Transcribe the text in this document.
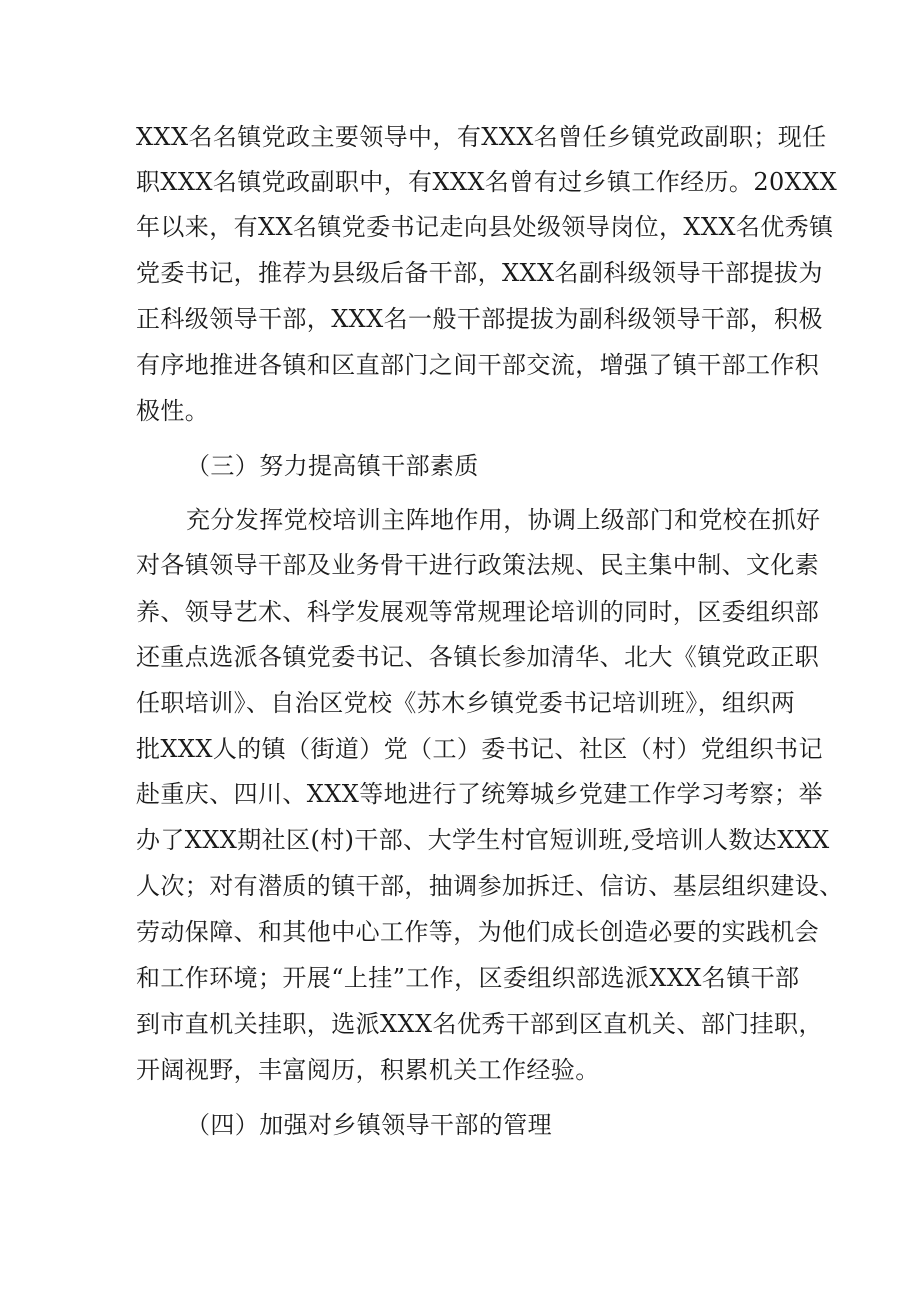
XXX名名镇党政主要领导中，有XXX名曾任乡镇党政副职；现任
职XXX名镇党政副职中，有XXX名曾有过乡镇工作经历。20XXX
年以来，有XX名镇党委书记走向县处级领导岗位，XXX名优秀镇
党委书记，推荐为县级后备干部，XXX名副科级领导干部提拔为
正科级领导干部，XXX名一般干部提拔为副科级领导干部，积极
有序地推进各镇和区直部门之间干部交流，增强了镇干部工作积
极性。
（三）努力提高镇干部素质
充分发挥党校培训主阵地作用，协调上级部门和党校在抓好
对各镇领导干部及业务骨干进行政策法规、民主集中制、文化素
养、领导艺术、科学发展观等常规理论培训的同时，区委组织部
还重点选派各镇党委书记、各镇长参加清华、北大《镇党政正职
任职培训》、自治区党校《苏木乡镇党委书记培训班》，组织两
批XXX人的镇（街道）党（工）委书记、社区（村）党组织书记
赴重庆、四川、XXX等地进行了统筹城乡党建工作学习考察；举
办了XXX期社区(村)干部、大学生村官短训班,受培训人数达XXX
人次；对有潜质的镇干部，抽调参加拆迁、信访、基层组织建设、
劳动保障、和其他中心工作等，为他们成长创造必要的实践机会
和工作环境；开展“上挂”工作，区委组织部选派XXX名镇干部
到市直机关挂职，选派XXX名优秀干部到区直机关、部门挂职，
开阔视野，丰富阅历，积累机关工作经验。
（四）加强对乡镇领导干部的管理
